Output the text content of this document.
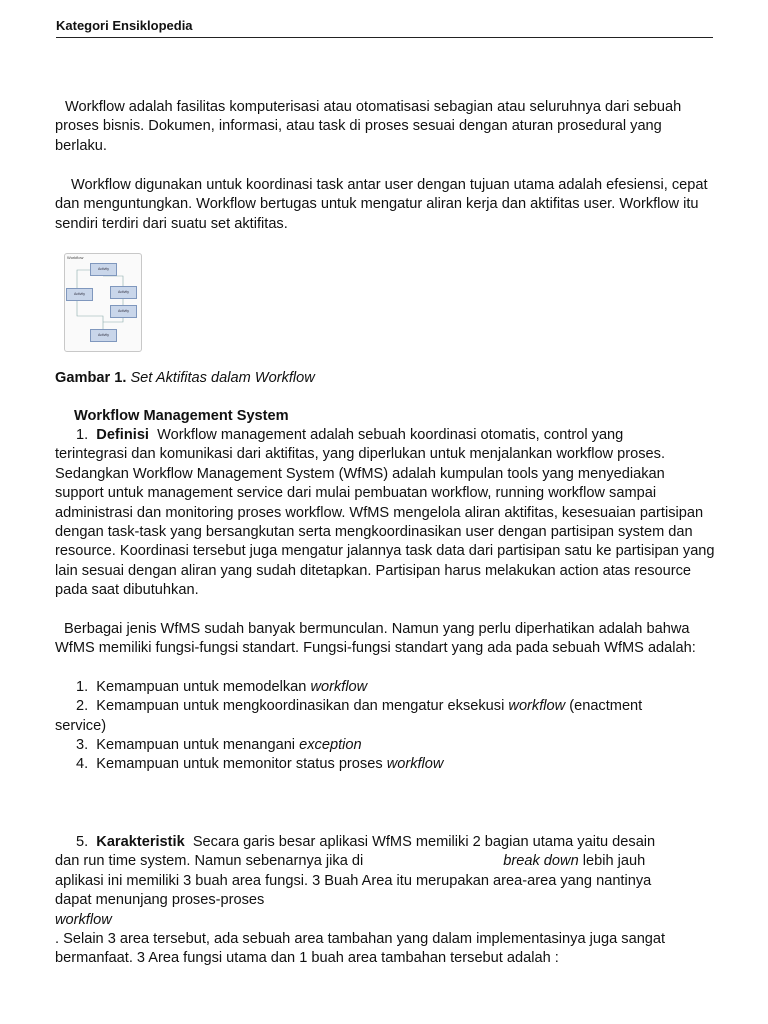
Kategori Ensiklopedia

Workflow adalah fasilitas komputerisasi atau otomatisasi sebagian atau seluruhnya dari sebuah proses bisnis. Dokumen, informasi, atau task di proses sesuai dengan aturan prosedural yang berlaku.

Workflow digunakan untuk koordinasi task antar user dengan tujuan utama adalah efesiensi, cepat dan menguntungkan. Workflow bertugas untuk mengatur aliran kerja dan aktifitas user. Workflow itu sendiri terdiri dari suatu set aktifitas.

Workflow
Activity
Activity	Activity
Activity
Activity

Gambar 1. Set Aktifitas dalam Workflow

Workflow Management System

1. Definisi Workflow management adalah sebuah koordinasi otomatis, control yang
terintegrasi dan komunikasi dari aktifitas, yang diperlukan untuk menjalankan workflow proses. Sedangkan Workflow Management System (WfMS) adalah kumpulan tools yang menyediakan support untuk management service dari mulai pembuatan workflow, running workflow sampai administrasi dan monitoring proses workflow. WfMS mengelola aliran aktifitas, kesesuaian partisipan dengan task-task yang bersangkutan serta mengkoordinasikan user dengan partisipan system dan resource. Koordinasi tersebut juga mengatur jalannya task data dari partisipan satu ke partisipan yang lain sesuai dengan aliran yang sudah ditetapkan. Partisipan harus melakukan action atas resource pada saat dibutuhkan.

Berbagai jenis WfMS sudah banyak bermunculan. Namun yang perlu diperhatikan adalah bahwa WfMS memiliki fungsi-fungsi standart. Fungsi-fungsi standart yang ada pada sebuah WfMS adalah:

1. Kemampuan untuk memodelkan workflow
2. Kemampuan untuk mengkoordinasikan dan mengatur eksekusi workflow (enactment

service)

3. Kemampuan untuk menangani exception
4. Kemampuan untuk memonitor status proses workflow
5. Karakteristik Secara garis besar aplikasi WfMS memiliki 2 bagian utama yaitu desain
dan run time system. Namun sebenarnya jika di	break down lebih jauh
aplikasi ini memiliki 3 buah area fungsi. 3 Buah Area itu merupakan area-area yang nantinya
dapat menunjang proses-proses
workflow
. Selain 3 area tersebut, ada sebuah area tambahan yang dalam implementasinya juga sangat bermanfaat. 3 Area fungsi utama dan 1 buah area tambahan tersebut adalah :
